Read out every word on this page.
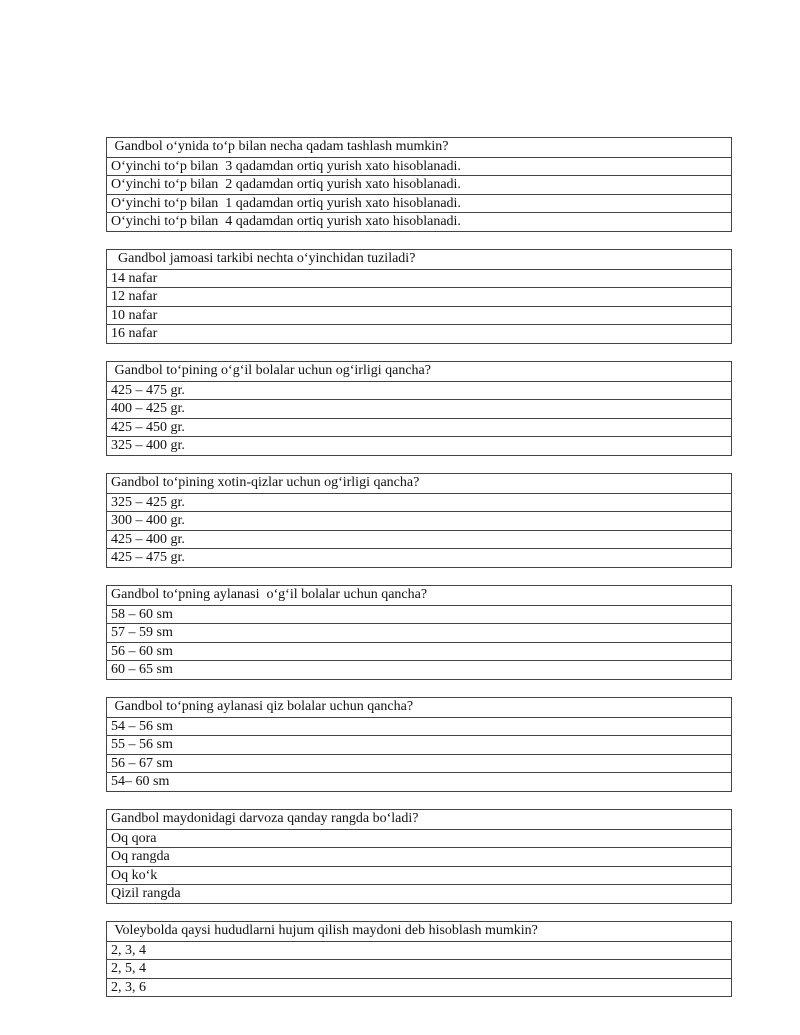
Gandbol o‘ynida to‘p bilan necha qadam tashlash mumkin?
O‘yinchi to‘p bilan  3 qadamdan ortiq yurish xato hisoblanadi.
O‘yinchi to‘p bilan  2 qadamdan ortiq yurish xato hisoblanadi.
O‘yinchi to‘p bilan  1 qadamdan ortiq yurish xato hisoblanadi.
O‘yinchi to‘p bilan  4 qadamdan ortiq yurish xato hisoblanadi.
Gandbol jamoasi tarkibi nechta o‘yinchidan tuziladi?
14 nafar
12 nafar
10 nafar
16 nafar
Gandbol to‘pining o‘g‘il bolalar uchun og‘irligi qancha?
425 – 475 gr.
400 – 425 gr.
425 – 450 gr.
325 – 400 gr.
Gandbol to‘pining xotin-qizlar uchun og‘irligi qancha?
325 – 425 gr.
300 – 400 gr.
425 – 400 gr.
425 – 475 gr.
Gandbol to‘pning aylanasi  o‘g‘il bolalar uchun qancha?
58 – 60 sm
57 – 59 sm
56 – 60 sm
60 – 65 sm
Gandbol to‘pning aylanasi qiz bolalar uchun qancha?
54 – 56 sm
55 – 56 sm
56 – 67 sm
54– 60 sm
Gandbol maydonidagi darvoza qanday rangda bo‘ladi?
Oq qora
Oq rangda
Oq ko‘k
Qizil rangda
Voleybolda qaysi hududlarni hujum qilish maydoni deb hisoblash mumkin?
2, 3, 4
2, 5, 4
2, 3, 6
